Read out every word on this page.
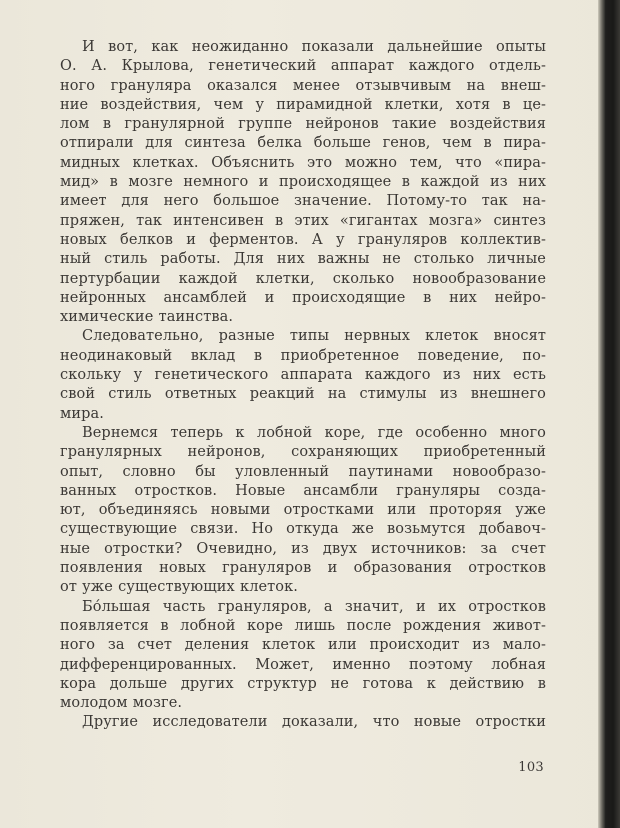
И вот, как неожиданно показали дальнейшие опыты
О. А. Крылова, генетический аппарат каждого отдель-
ного гранулярa оказался менее отзывчивым на внеш-
ние воздействия, чем у пирамидной клетки, хотя в це-
лом в гранулярной группе нейронов такие воздействия
отпирали для синтеза белка больше генов, чем в пира-
мидных клетках. Объяснить это можно тем, что «пира-
мид» в мозге немного и происходящее в каждой из них
имеет для него большое значение. Потому-то так на-
пряжен, так интенсивен в этих «гигантах мозга» синтез
новых белков и ферментов. А у гранулярoв коллектив-
ный стиль работы. Для них важны не столько личные
пертурбации каждой клетки, сколько новообразование
нейронных ансамблей и происходящие в них нейро-
химические таинства.
Следовательно, разные типы нервных клеток вносят
неодинаковый вклад в приобретенное поведение, по-
скольку у генетического аппарата каждого из них есть
свой стиль ответных реакций на стимулы из внешнего
мира.
Вернемся теперь к лобной коре, где особенно много
гранулярных нейронов, сохраняющих приобретенный
опыт, словно бы уловленный паутинами новообразо-
ванных отростков. Новые ансамбли грануляры созда-
ют, объединяясь новыми отростками или проторяя уже
существующие связи. Но откуда же возьмутся добавоч-
ные отростки? Очевидно, из двух источников: за счет
появления новых грануляров и образования отростков
от уже существующих клеток.
Бо́льшая часть грануляров, а значит, и их отростков
появляется в лобной коре лишь после рождения живот-
ного за счет деления клеток или происходит из мало-
дифференцированных. Может, именно поэтому лобная
кора дольше других структур не готова к действию в
молодом мозге.
Другие исследователи доказали, что новые отростки
103
